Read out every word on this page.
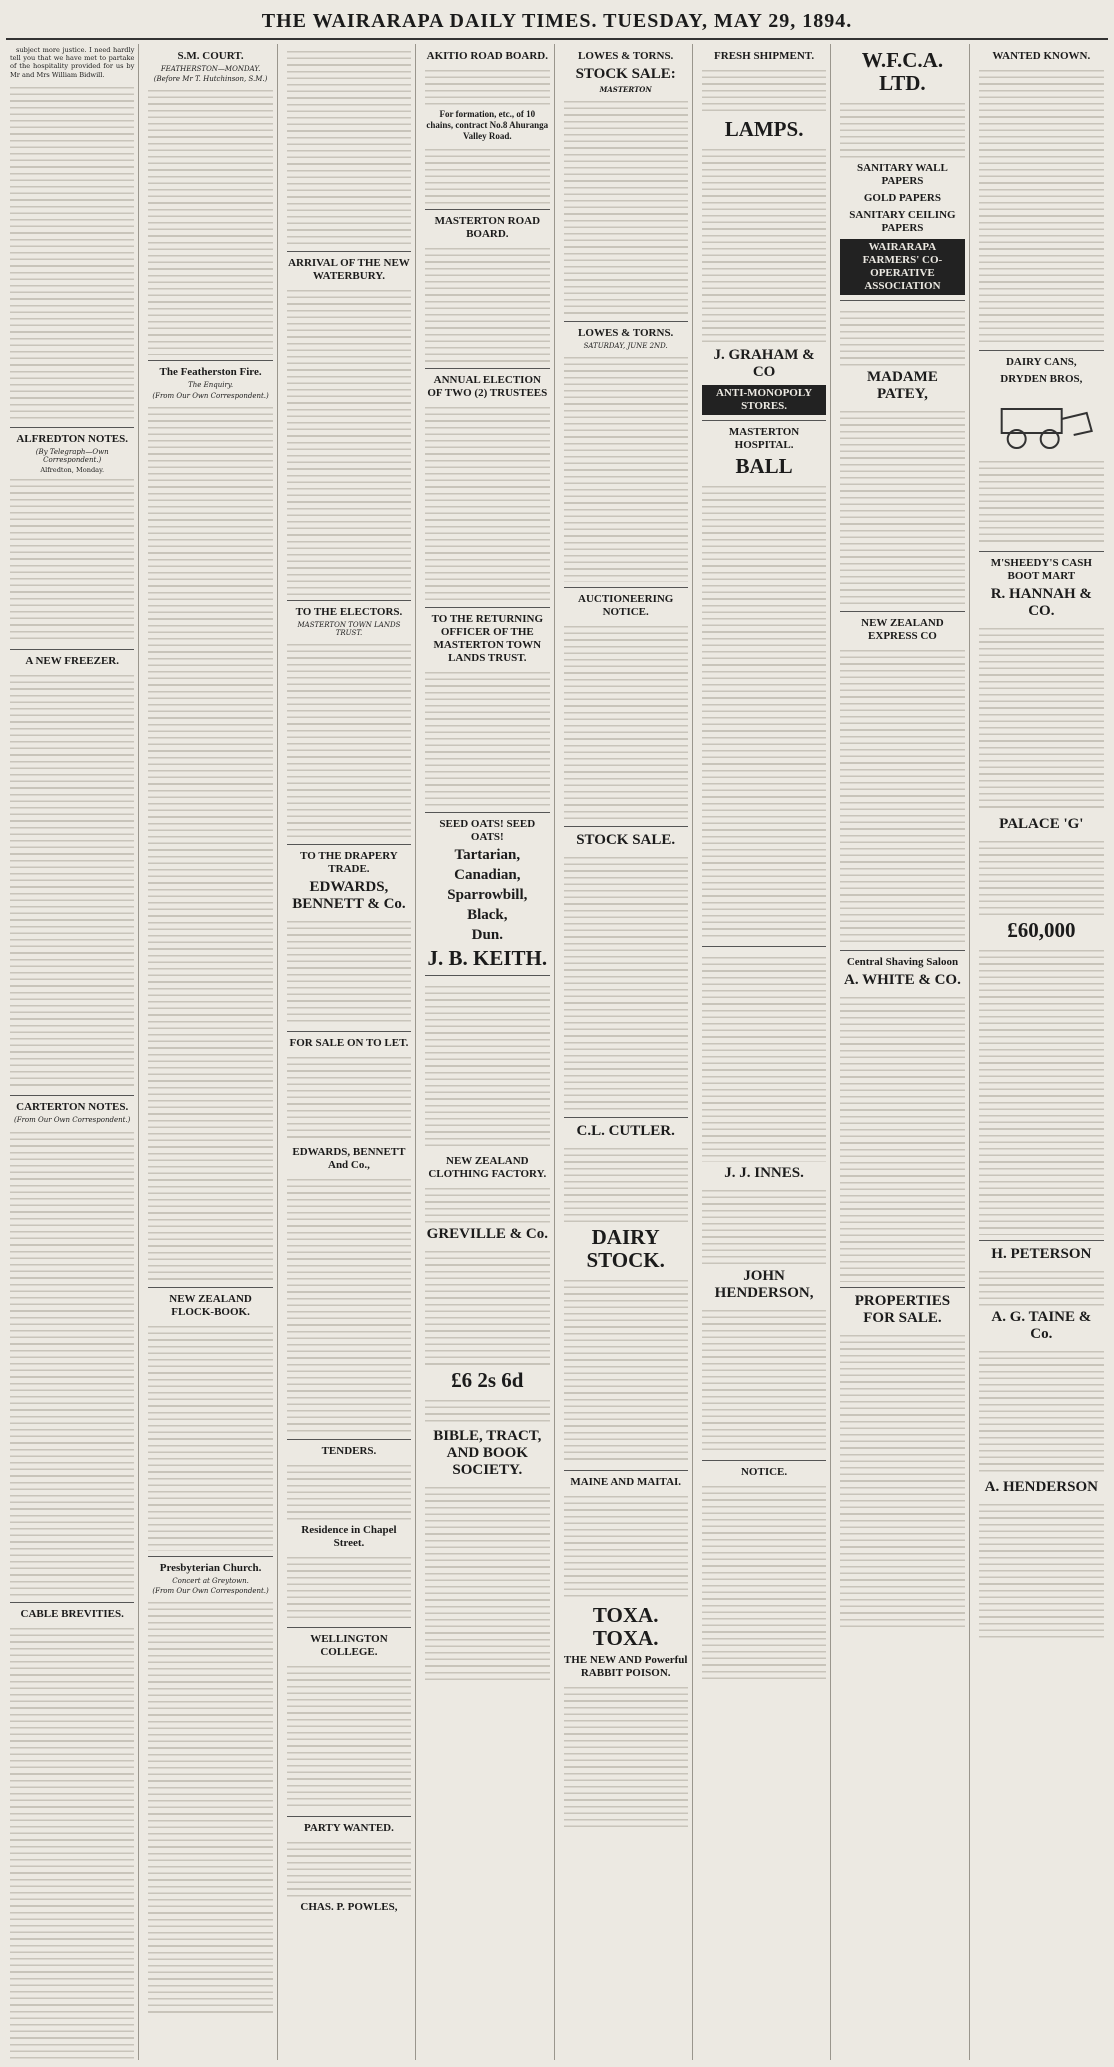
THE WAIRARAPA DAILY TIMES. TUESDAY, MAY 29, 1894.

subject more justice. I need hardly tell you that we have met to partake of the hospitality provided for us by Mr and Mrs William Bidwill.

ALFREDTON NOTES.
(By Telegraph—Own Correspondent.)
Alfredton, Monday.
A NEW FREEZER.
CARTERTON NOTES.
(From Our Own Correspondent.)
CABLE BREVITIES.
S.M. COURT.
FEATHERSTON—MONDAY.
(Before Mr T. Hutchinson, S.M.)
The Featherston Fire.
The Enquiry.
(From Our Own Correspondent.)
NEW ZEALAND FLOCK-BOOK.
Presbyterian Church.
Concert at Greytown.
(From Our Own Correspondent.)
ARRIVAL OF THE NEW WATERBURY.
TO THE ELECTORS.
MASTERTON TOWN LANDS TRUST.
TO THE DRAPERY TRADE.
EDWARDS, BENNETT & Co.
FOR SALE ON TO LET.
EDWARDS, BENNETT And Co.,
TENDERS.
Residence in Chapel Street.
WELLINGTON COLLEGE.
PARTY WANTED.
CHAS. P. POWLES,
AKITIO ROAD BOARD.
For formation, etc., of 10 chains, contract No.8 Ahuranga Valley Road.
MASTERTON ROAD BOARD.
ANNUAL ELECTION OF TWO (2) TRUSTEES
TO THE RETURNING OFFICER OF THE MASTERTON TOWN LANDS TRUST.
SEED OATS! SEED OATS!
Tartarian,
Canadian,
Sparrowbill,
Black,
Dun.
J. B. KEITH.
NEW ZEALAND CLOTHING FACTORY.
GREVILLE & Co.
£6 2s 6d
BIBLE, TRACT, AND BOOK SOCIETY.
LOWES & TORNS.
STOCK SALE:
MASTERTON
LOWES & TORNS.
SATURDAY, JUNE 2ND.
AUCTIONEERING NOTICE.
STOCK SALE.
C.L. CUTLER.
DAIRY STOCK.
MAINE AND MAITAI.
TOXA. TOXA.
THE NEW AND Powerful RABBIT POISON.
FRESH SHIPMENT.
LAMPS.
J. GRAHAM & CO
ANTI-MONOPOLY STORES.
MASTERTON HOSPITAL.
BALL
J. J. INNES.
JOHN HENDERSON,
NOTICE.
W.F.C.A. LTD.
SANITARY WALL PAPERS
GOLD PAPERS
SANITARY CEILING PAPERS
WAIRARAPA FARMERS' CO-OPERATIVE ASSOCIATION
MADAME PATEY,
NEW ZEALAND EXPRESS CO
Central Shaving Saloon
A. WHITE & CO.
PROPERTIES FOR SALE.
WANTED KNOWN.
DAIRY CANS,
DRYDEN BROS,
M'SHEEDY'S CASH BOOT MART
R. HANNAH & CO.
PALACE 'G'
£60,000
H. PETERSON
A. G. TAINE & Co.
A. HENDERSON
